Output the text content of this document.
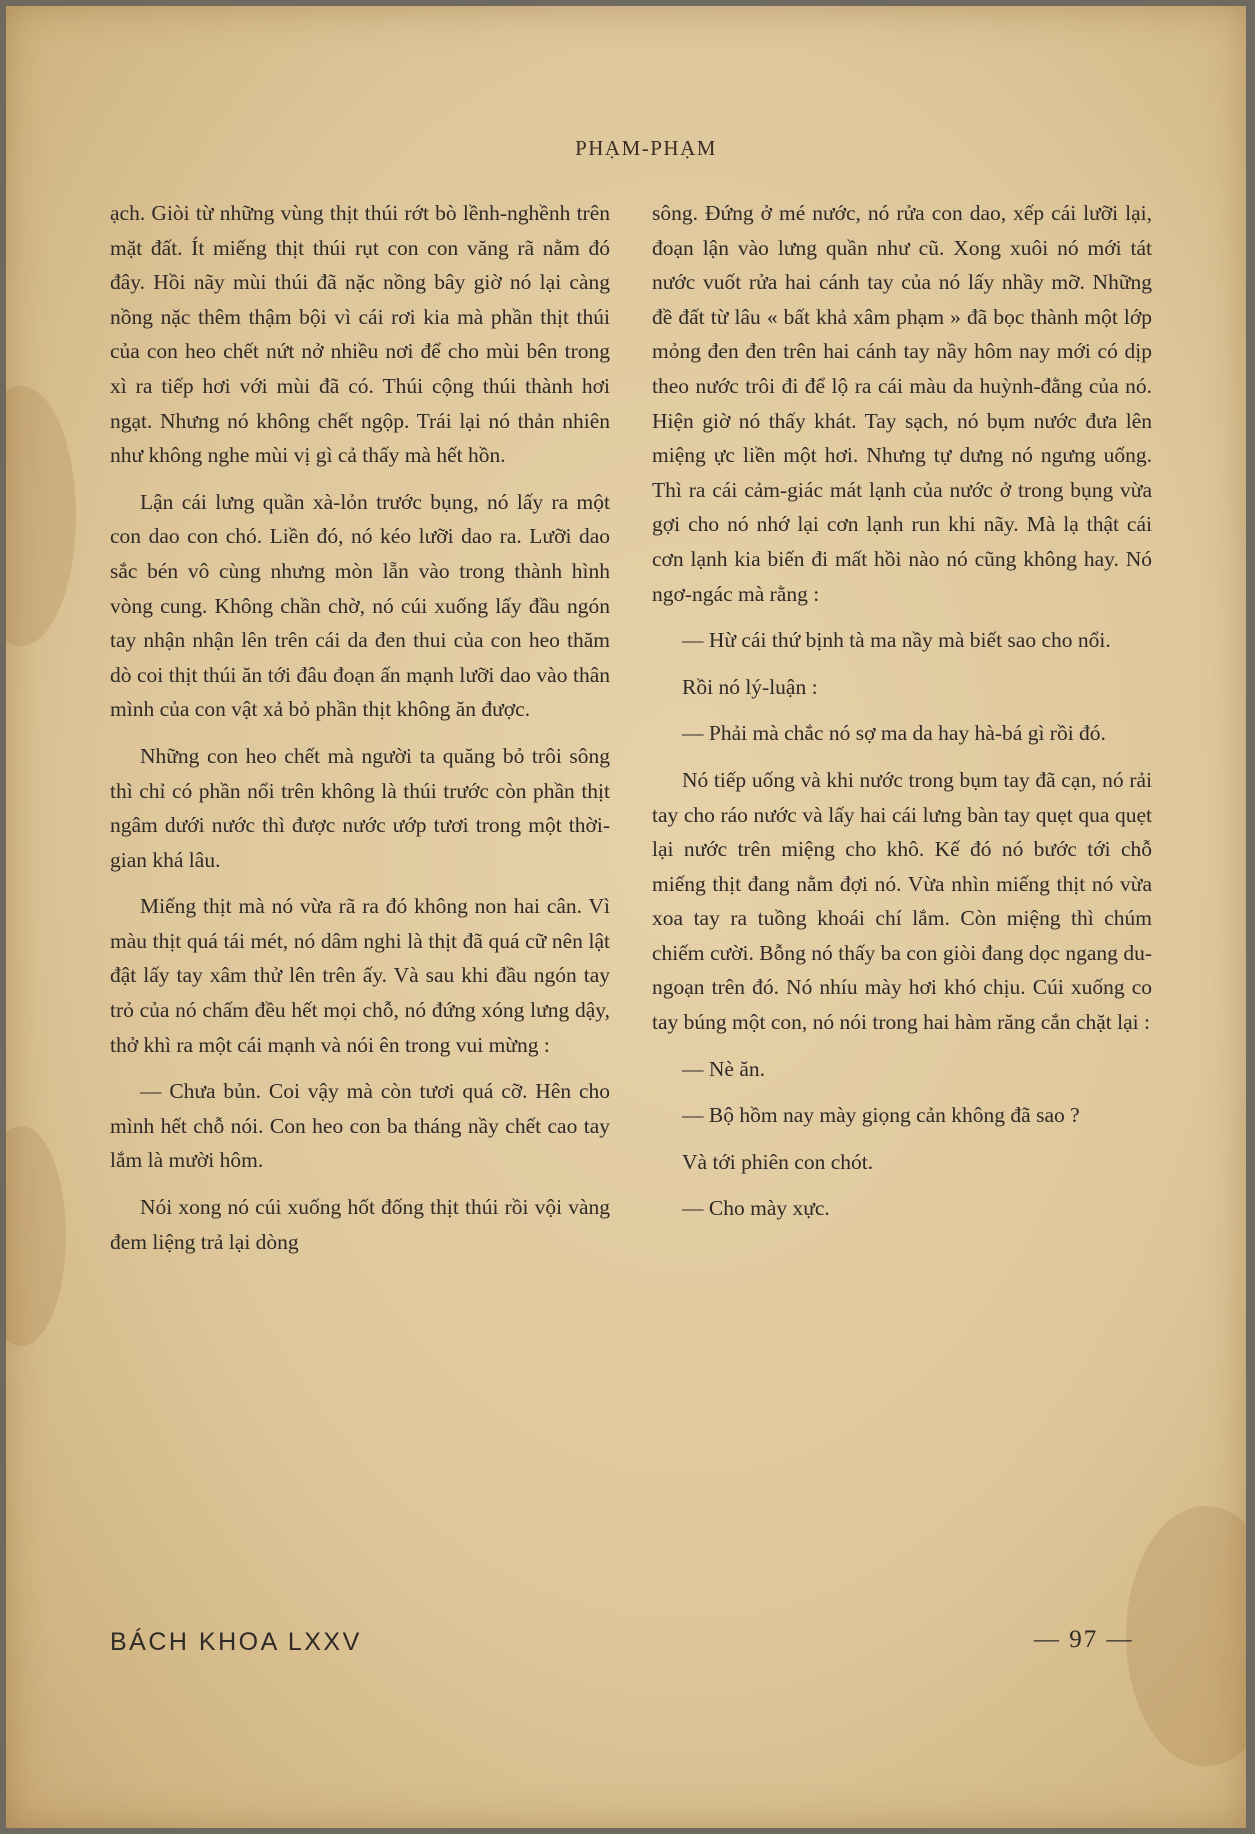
PHẠM-PHẠM

ạch. Giòi từ những vùng thịt thúi rớt bò lềnh-nghềnh trên mặt đất. Ít miếng thịt thúi rụt con con văng rã nằm đó đây. Hồi nãy mùi thúi đã nặc nồng bây giờ nó lại càng nồng nặc thêm thậm bội vì cái rơi kia mà phần thịt thúi của con heo chết nứt nở nhiều nơi để cho mùi bên trong xì ra tiếp hơi với mùi đã có. Thúi cộng thúi thành hơi ngạt. Nhưng nó không chết ngộp. Trái lại nó thản nhiên như không nghe mùi vị gì cả thấy mà hết hồn.

Lận cái lưng quần xà-lỏn trước bụng, nó lấy ra một con dao con chó. Liền đó, nó kéo lưỡi dao ra. Lưỡi dao sắc bén vô cùng nhưng mòn lẵn vào trong thành hình vòng cung. Không chần chờ, nó cúi xuống lấy đầu ngón tay nhận nhận lên trên cái da đen thui của con heo thăm dò coi thịt thúi ăn tới đâu đoạn ấn mạnh lưỡi dao vào thân mình của con vật xả bỏ phần thịt không ăn được.

Những con heo chết mà người ta quăng bỏ trôi sông thì chỉ có phần nổi trên không là thúi trước còn phần thịt ngâm dưới nước thì được nước ướp tươi trong một thời-gian khá lâu.

Miếng thịt mà nó vừa rã ra đó không non hai cân. Vì màu thịt quá tái mét, nó dâm nghi là thịt đã quá cữ nên lật đật lấy tay xâm thử lên trên ấy. Và sau khi đầu ngón tay trỏ của nó chấm đều hết mọi chỗ, nó đứng xóng lưng dậy, thở khì ra một cái mạnh và nói ên trong vui mừng :

— Chưa bủn. Coi vậy mà còn tươi quá cỡ. Hên cho mình hết chỗ nói. Con heo con ba tháng nầy chết cao tay lắm là mười hôm.

Nói xong nó cúi xuống hốt đống thịt thúi rồi vội vàng đem liệng trả lại dòng

sông. Đứng ở mé nước, nó rửa con dao, xếp cái lưỡi lại, đoạn lận vào lưng quần như cũ. Xong xuôi nó mới tát nước vuốt rửa hai cánh tay của nó lấy nhầy mỡ. Những đề đất từ lâu « bất khả xâm phạm » đã bọc thành một lớp mỏng đen đen trên hai cánh tay nầy hôm nay mới có dịp theo nước trôi đi để lộ ra cái màu da huỳnh-đằng của nó. Hiện giờ nó thấy khát. Tay sạch, nó bụm nước đưa lên miệng ực liền một hơi. Nhưng tự dưng nó ngưng uống. Thì ra cái cảm-giác mát lạnh của nước ở trong bụng vừa gợi cho nó nhớ lại cơn lạnh run khi nãy. Mà lạ thật cái cơn lạnh kia biến đi mất hồi nào nó cũng không hay. Nó ngơ-ngác mà rằng :

— Hừ cái thứ bịnh tà ma nầy mà biết sao cho nổi.

Rồi nó lý-luận :

— Phải mà chắc nó sợ ma da hay hà-bá gì rồi đó.

Nó tiếp uống và khi nước trong bụm tay đã cạn, nó rải tay cho ráo nước và lấy hai cái lưng bàn tay quẹt qua quẹt lại nước trên miệng cho khô. Kế đó nó bước tới chỗ miếng thịt đang nằm đợi nó. Vừa nhìn miếng thịt nó vừa xoa tay ra tuồng khoái chí lắm. Còn miệng thì chúm chiếm cười. Bỗng nó thấy ba con giòi đang dọc ngang du-ngoạn trên đó. Nó nhíu mày hơi khó chịu. Cúi xuống co tay búng một con, nó nói trong hai hàm răng cắn chặt lại :

— Nè ăn.

— Bộ hồm nay mày giọng cản không đã sao ?

Và tới phiên con chót.

— Cho mày xực.

BÁCH KHOA LXXV	— 97 —
